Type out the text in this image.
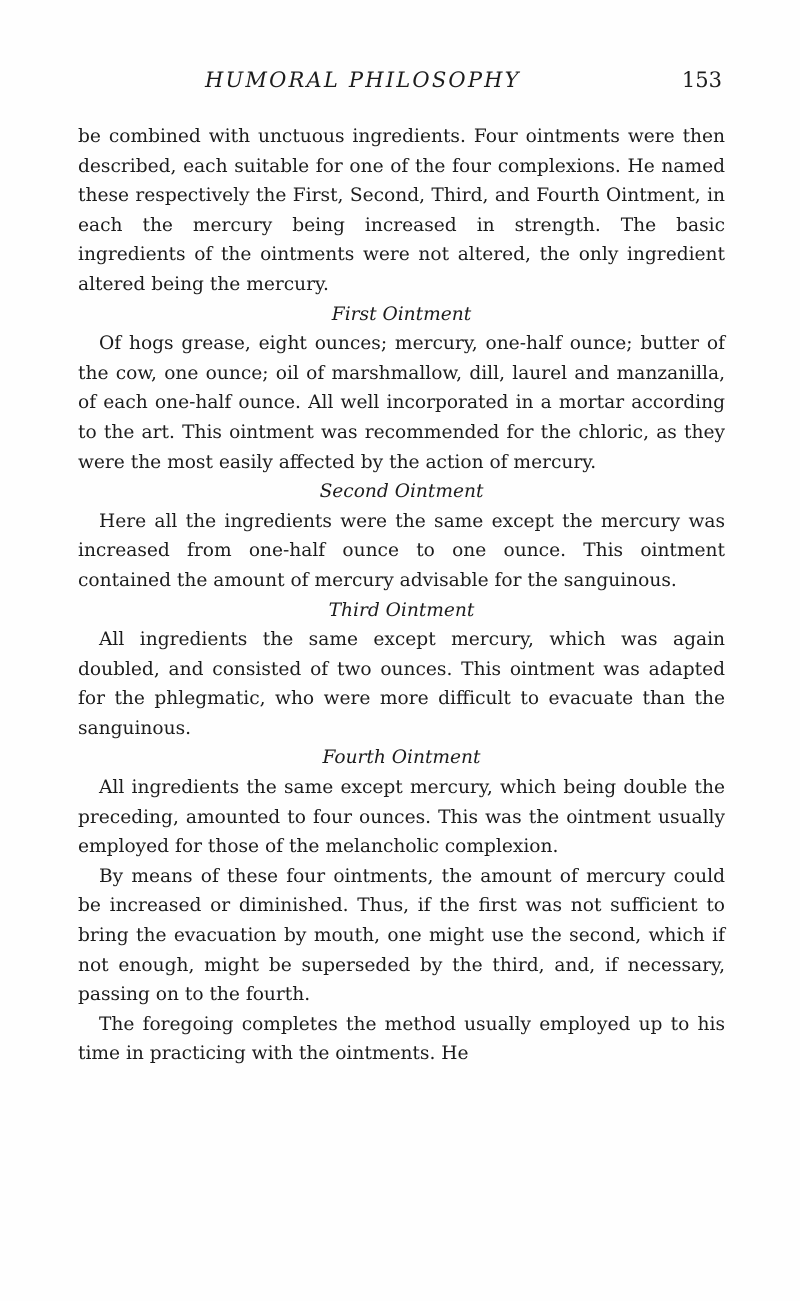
HUMORAL PHILOSOPHY	153

be combined with unctuous ingredients. Four ointments were then described, each suitable for one of the four complexions. He named these respectively the First, Second, Third, and Fourth Ointment, in each the mercury being increased in strength. The basic ingredients of the ointments were not altered, the only ingredient altered being the mercury.

First Ointment

Of hogs grease, eight ounces; mercury, one-half ounce; butter of the cow, one ounce; oil of marshmallow, dill, laurel and manzanilla, of each one-half ounce. All well incorporated in a mortar according to the art. This ointment was recommended for the chloric, as they were the most easily affected by the action of mercury.

Second Ointment

Here all the ingredients were the same except the mercury was increased from one-half ounce to one ounce. This ointment contained the amount of mercury advisable for the sanguinous.

Third Ointment

All ingredients the same except mercury, which was again doubled, and consisted of two ounces. This ointment was adapted for the phlegmatic, who were more difficult to evacuate than the sanguinous.

Fourth Ointment

All ingredients the same except mercury, which being double the preceding, amounted to four ounces. This was the ointment usually employed for those of the melancholic complexion.

By means of these four ointments, the amount of mercury could be increased or diminished. Thus, if the first was not sufficient to bring the evacuation by mouth, one might use the second, which if not enough, might be superseded by the third, and, if necessary, passing on to the fourth.

The foregoing completes the method usually employed up to his time in practicing with the ointments. He
